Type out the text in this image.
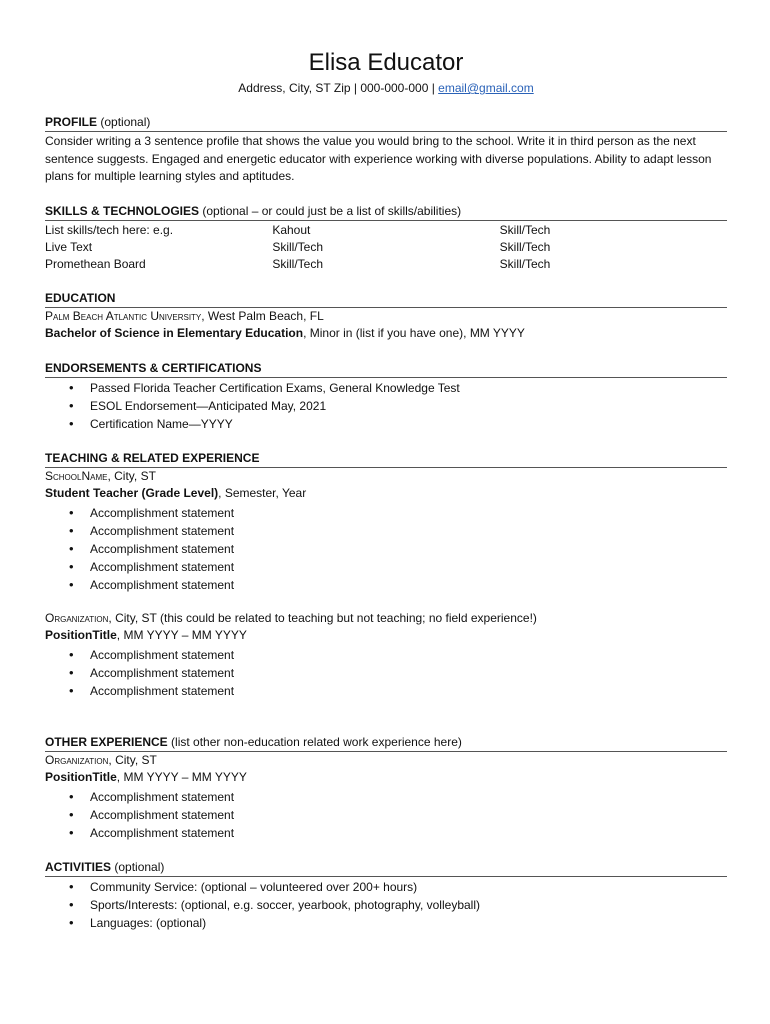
Elisa Educator
Address, City, ST Zip | 000-000-000 | email@gmail.com
PROFILE (optional)
Consider writing a 3 sentence profile that shows the value you would bring to the school. Write it in third person as the next sentence suggests. Engaged and energetic educator with experience working with diverse populations. Ability to adapt lesson plans for multiple learning styles and aptitudes.
SKILLS & TECHNOLOGIES (optional – or could just be a list of skills/abilities)
List skills/tech here: e.g.
Live Text
Promethean Board
Kahout
Skill/Tech
Skill/Tech
Skill/Tech
Skill/Tech
Skill/Tech
EDUCATION
Palm Beach Atlantic University, West Palm Beach, FL
Bachelor of Science in Elementary Education, Minor in (list if you have one), MM YYYY
ENDORSEMENTS & CERTIFICATIONS
• Passed Florida Teacher Certification Exams, General Knowledge Test
• ESOL Endorsement—Anticipated May, 2021
• Certification Name—YYYY
TEACHING & RELATED EXPERIENCE
SchoolName, City, ST
Student Teacher (Grade Level), Semester, Year
• Accomplishment statement
• Accomplishment statement
• Accomplishment statement
• Accomplishment statement
• Accomplishment statement
Organization, City, ST (this could be related to teaching but not teaching; no field experience!)
PositionTitle, MM YYYY – MM YYYY
• Accomplishment statement
• Accomplishment statement
• Accomplishment statement
OTHER EXPERIENCE (list other non-education related work experience here)
Organization, City, ST
PositionTitle, MM YYYY – MM YYYY
• Accomplishment statement
• Accomplishment statement
• Accomplishment statement
ACTIVITIES (optional)
• Community Service: (optional – volunteered over 200+ hours)
• Sports/Interests: (optional, e.g. soccer, yearbook, photography, volleyball)
• Languages: (optional)
